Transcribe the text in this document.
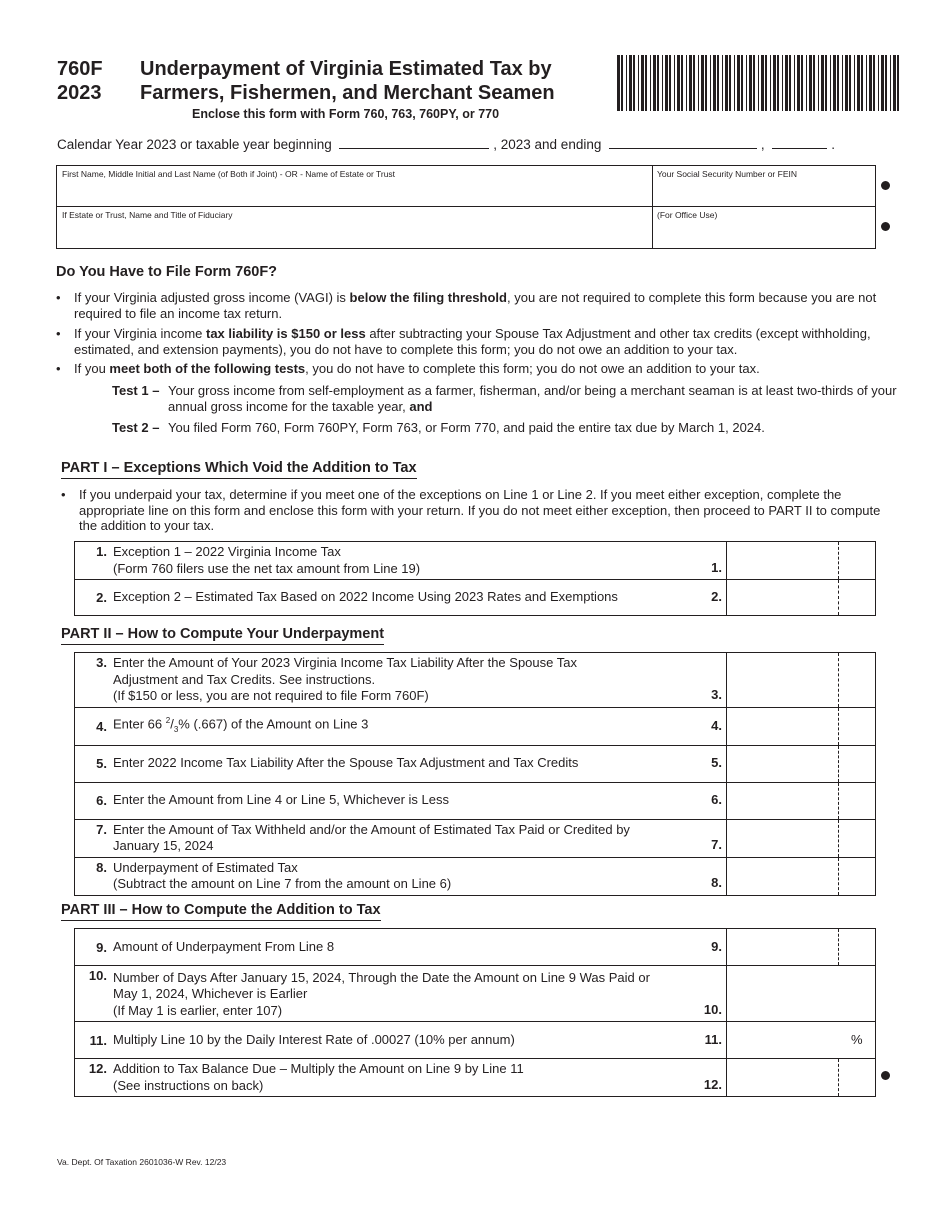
760F
2023
Underpayment of Virginia Estimated Tax by
Farmers, Fishermen, and Merchant Seamen
Enclose this form with Form 760, 763, 760PY, or 770
Calendar Year 2023 or taxable year beginning	, 2023 and ending	,	.
First Name, Middle Initial and Last Name (of Both if Joint) - OR - Name of Estate or Trust	Your Social Security Number or FEIN
If Estate or Trust, Name and Title of Fiduciary	(For Office Use)
Do You Have to File Form 760F?
• If your Virginia adjusted gross income (VAGI) is below the filing threshold, you are not required to complete this form because you are not required to file an income tax return.
• If your Virginia income tax liability is $150 or less after subtracting your Spouse Tax Adjustment and other tax credits (except withholding, estimated, and extension payments), you do not have to complete this form; you do not owe an addition to your tax.
• If you meet both of the following tests, you do not have to complete this form; you do not owe an addition to your tax.
Test 1 – Your gross income from self-employment as a farmer, fisherman, and/or being a merchant seaman is at least two-thirds of your annual gross income for the taxable year, and
Test 2 – You filed Form 760, Form 760PY, Form 763, or Form 770, and paid the entire tax due by March 1, 2024.
PART I – Exceptions Which Void the Addition to Tax
• If you underpaid your tax, determine if you meet one of the exceptions on Line 1 or Line 2. If you meet either exception, complete the appropriate line on this form and enclose this form with your return. If you do not meet either exception, then proceed to PART II to compute the addition to your tax.
1.	Exception 1 – 2022 Virginia Income Tax
(Form 760 filers use the net tax amount from Line 19)	1.		
2.	Exception 2 – Estimated Tax Based on 2022 Income Using 2023 Rates and Exemptions	2.		
PART II – How to Compute Your Underpayment
3.	Enter the Amount of Your 2023 Virginia Income Tax Liability After the Spouse Tax
Adjustment and Tax Credits. See instructions.
(If $150 or less, you are not required to file Form 760F)	3.		
4.	Enter 66 $^2/_3\%$ (.667) of the Amount on Line 3	4.		
5.	Enter 2022 Income Tax Liability After the Spouse Tax Adjustment and Tax Credits	5.		
6.	Enter the Amount from Line 4 or Line 5, Whichever is Less	6.		
7.	Enter the Amount of Tax Withheld and/or the Amount of Estimated Tax Paid or Credited by
January 15, 2024	7.		
8.	Underpayment of Estimated Tax
(Subtract the amount on Line 7 from the amount on Line 6)	8.		
PART III – How to Compute the Addition to Tax
9.	Amount of Underpayment From Line 8	9.		
10.	Number of Days After January 15, 2024, Through the Date the Amount on Line 9 Was Paid or
May 1, 2024, Whichever is Earlier
(If May 1 is earlier, enter 107)	10.		
11.	Multiply Line 10 by the Daily Interest Rate of .00027 (10% per annum)	11.		%
12.	Addition to Tax Balance Due – Multiply the Amount on Line 9 by Line 11
(See instructions on back)	12.		
Va. Dept. Of Taxation 2601036-W Rev. 12/23
